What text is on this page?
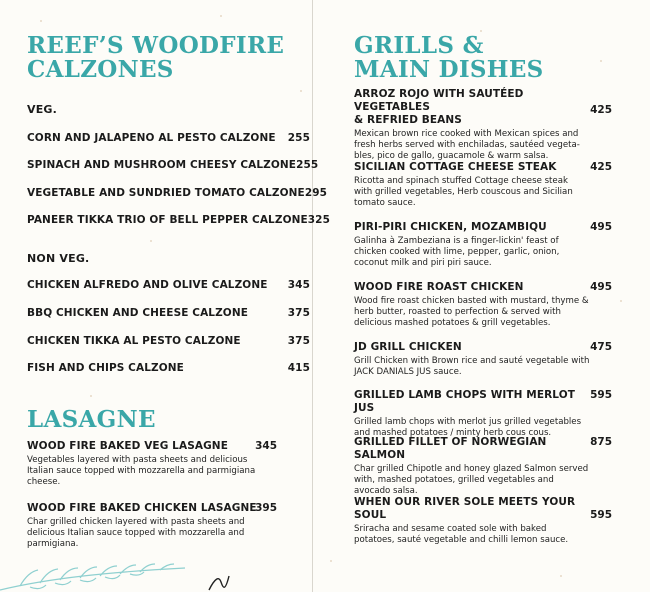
REEF’S WOODFIRE
CALZONES
VEG.
CORN AND JALAPENO AL PESTO CALZONE	255
SPINACH AND MUSHROOM CHEESY CALZONE 255
VEGETABLE AND SUNDRIED TOMATO CALZONE 295
PANEER TIKKA TRIO OF BELL PEPPER CALZONE 325
NON VEG.
CHICKEN ALFREDO AND OLIVE CALZONE	345
BBQ CHICKEN AND CHEESE CALZONE	375
CHICKEN TIKKA AL PESTO CALZONE	375
FISH AND CHIPS CALZONE	415
LASAGNE
WOOD FIRE BAKED VEG LASAGNE
Vegetables layered with pasta sheets and delicious
Italian sauce topped with mozzarella and parmigiana
cheese.
345
WOOD FIRE BAKED CHICKEN LASAGNE
Char grilled chicken layered with pasta sheets and
delicious Italian sauce topped with mozzarella and
parmigiana.
395
GRILLS &
MAIN DISHES
ARROZ ROJO WITH SAUTÉED VEGETABLES
& REFRIED BEANS
Mexican brown rice cooked with Mexican spices and
fresh herbs served with enchiladas, sautéed vegeta-
bles, pico de gallo, guacamole & warm salsa.
425
SICILIAN COTTAGE CHEESE STEAK
Ricotta and spinach stuffed Cottage cheese steak
with grilled vegetables, Herb couscous and Sicilian
tomato sauce.
425
PIRI-PIRI CHICKEN, MOZAMBIQU
Galinha à Zambeziana is a finger-lickin' feast of
chicken cooked with lime, pepper, garlic, onion,
coconut milk and piri piri sauce.
495
WOOD FIRE ROAST CHICKEN
Wood fire roast chicken basted with mustard, thyme &
herb butter, roasted to perfection & served with
delicious mashed potatoes & grill vegetables.
495
JD GRILL CHICKEN
Grill Chicken with Brown rice and sauté vegetable with
JACK DANIALS JUS sauce.
475
GRILLED LAMB CHOPS WITH MERLOT JUS
Grilled lamb chops with merlot jus grilled vegetables
and mashed potatoes / minty herb cous cous.
595
GRILLED FILLET OF NORWEGIAN SALMON
Char grilled Chipotle and honey glazed Salmon served
with, mashed potatoes, grilled vegetables and
avocado salsa.
875
WHEN OUR RIVER SOLE MEETS YOUR
SOUL
Sriracha and sesame coated sole with baked
potatoes, sauté vegetable and chilli lemon sauce.
595
